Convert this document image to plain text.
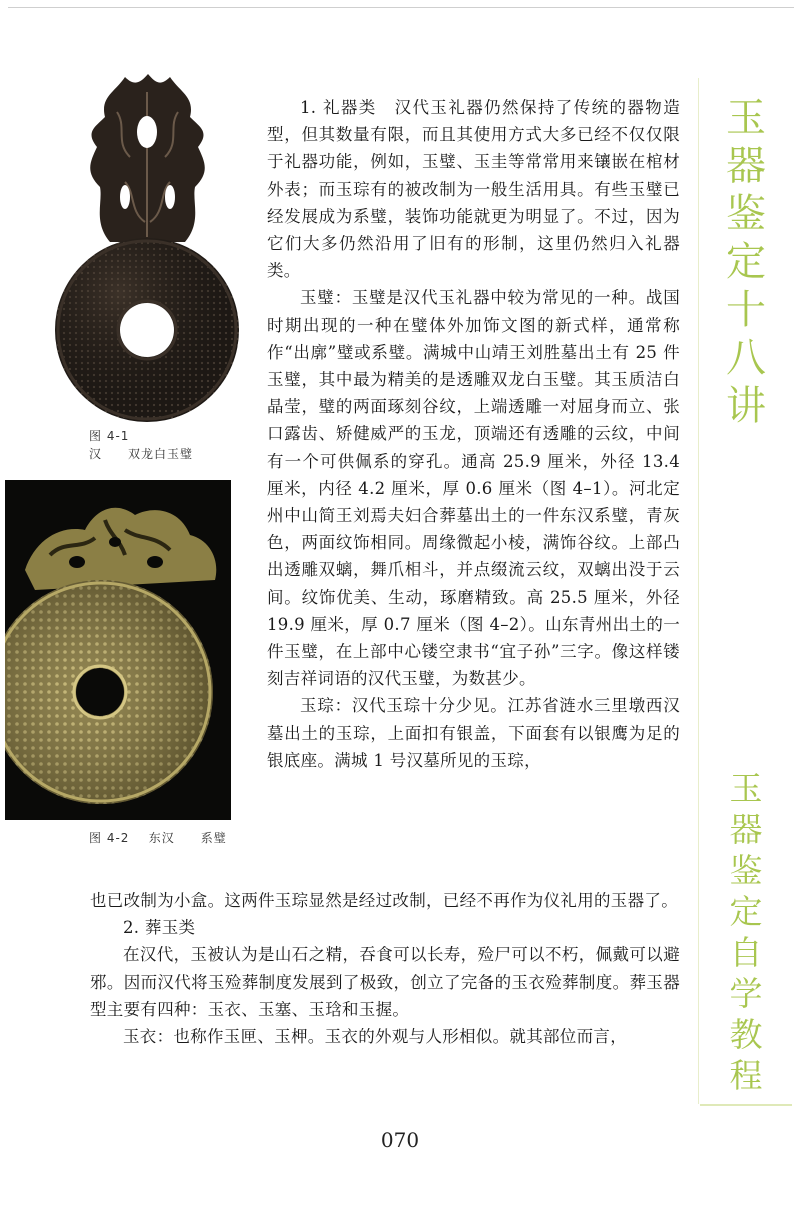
图 4-1
汉　　双龙白玉璧
图 4-2 东汉　　系璧

1. 礼器类　汉代玉礼器仍然保持了传统的器物造型，但其数量有限，而且其使用方式大多已经不仅仅限于礼器功能，例如，玉璧、玉圭等常常用来镶嵌在棺材外表；而玉琮有的被改制为一般生活用具。有些玉璧已经发展成为系璧，装饰功能就更为明显了。不过，因为它们大多仍然沿用了旧有的形制，这里仍然归入礼器类。

玉璧：玉璧是汉代玉礼器中较为常见的一种。战国时期出现的一种在璧体外加饰文图的新式样，通常称作“出廓”璧或系璧。满城中山靖王刘胜墓出土有 25 件玉璧，其中最为精美的是透雕双龙白玉璧。其玉质洁白晶莹，璧的两面琢刻谷纹，上端透雕一对屈身而立、张口露齿、矫健威严的玉龙，顶端还有透雕的云纹，中间有一个可供佩系的穿孔。通高 25.9 厘米，外径 13.4 厘米，内径 4.2 厘米，厚 0.6 厘米（图 4–1）。河北定州中山简王刘焉夫妇合葬墓出土的一件东汉系璧，青灰色，两面纹饰相同。周缘微起小棱，满饰谷纹。上部凸出透雕双螭，舞爪相斗，并点缀流云纹，双螭出没于云间。纹饰优美、生动，琢磨精致。高 25.5 厘米，外径 19.9 厘米，厚 0.7 厘米（图 4–2）。山东青州出土的一件玉璧，在上部中心镂空隶书“宜子孙”三字。像这样镂刻吉祥词语的汉代玉璧，为数甚少。

玉琮：汉代玉琮十分少见。江苏省涟水三里墩西汉墓出土的玉琮，上面扣有银盖，下面套有以银鹰为足的银底座。满城 1 号汉墓所见的玉琮，

也已改制为小盒。这两件玉琮显然是经过改制，已经不再作为仪礼用的玉器了。

2. 葬玉类

在汉代，玉被认为是山石之精，吞食可以长寿，殓尸可以不朽，佩戴可以避邪。因而汉代将玉殓葬制度发展到了极致，创立了完备的玉衣殓葬制度。葬玉器型主要有四种：玉衣、玉塞、玉琀和玉握。

玉衣：也称作玉匣、玉柙。玉衣的外观与人形相似。就其部位而言，

玉
器
鉴
定
十
八
讲
玉
器
鉴
定
自
学
教
程
070
